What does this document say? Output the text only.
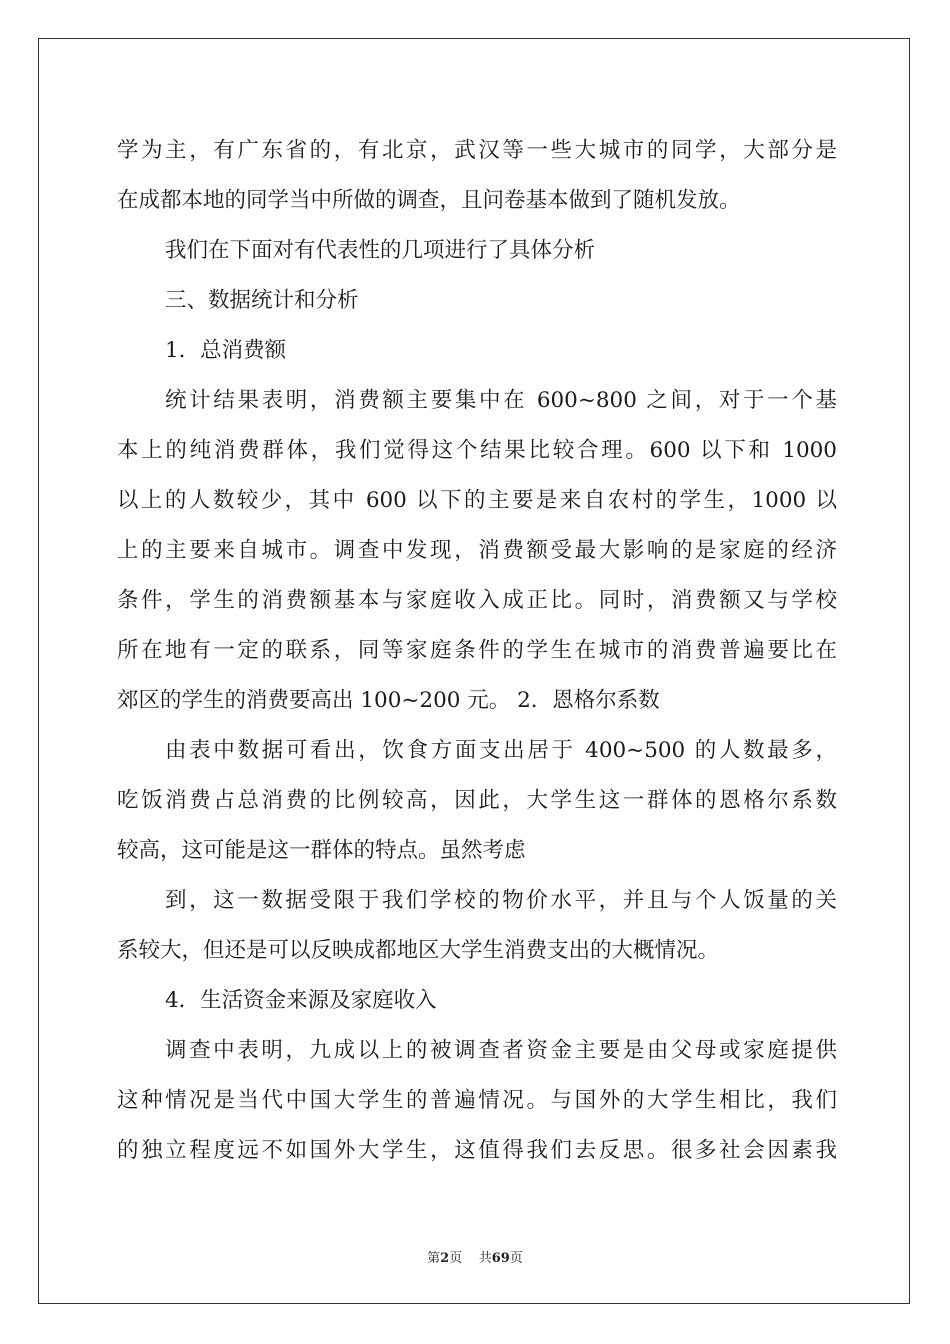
学为主，有广东省的，有北京，武汉等一些大城市的同学，大部分是
在成都本地的同学当中所做的调查，且问卷基本做到了随机发放。
我们在下面对有代表性的几项进行了具体分析
三、数据统计和分析
1．总消费额
统计结果表明，消费额主要集中在 600~800 之间，对于一个基
本上的纯消费群体，我们觉得这个结果比较合理。600 以下和 1000
以上的人数较少，其中 600 以下的主要是来自农村的学生，1000 以
上的主要来自城市。调查中发现，消费额受最大影响的是家庭的经济
条件，学生的消费额基本与家庭收入成正比。同时，消费额又与学校
所在地有一定的联系，同等家庭条件的学生在城市的消费普遍要比在
郊区的学生的消费要高出 100~200 元。 2．恩格尔系数
由表中数据可看出，饮食方面支出居于 400~500 的人数最多，
吃饭消费占总消费的比例较高，因此，大学生这一群体的恩格尔系数
较高，这可能是这一群体的特点。虽然考虑
到，这一数据受限于我们学校的物价水平，并且与个人饭量的关
系较大，但还是可以反映成都地区大学生消费支出的大概情况。
4．生活资金来源及家庭收入
调查中表明，九成以上的被调查者资金主要是由父母或家庭提供
这种情况是当代中国大学生的普遍情况。与国外的大学生相比，我们
的独立程度远不如国外大学生，这值得我们去反思。很多社会因素我
第2页 共69页
